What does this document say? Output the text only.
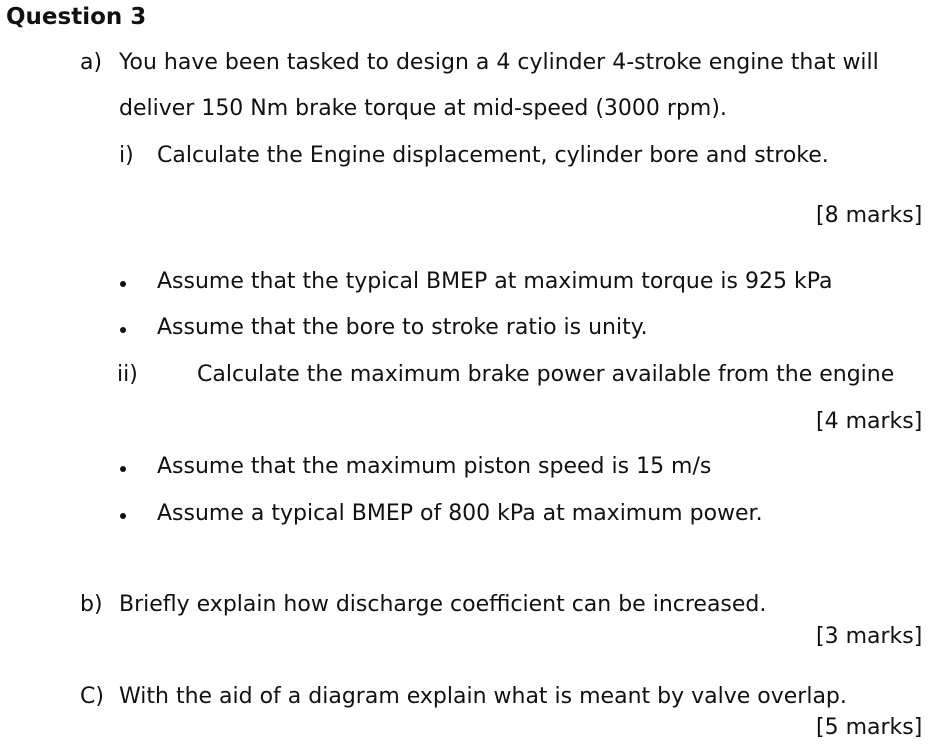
Question 3
a) You have been tasked to design a 4 cylinder 4-stroke engine that will
deliver 150 Nm brake torque at mid-speed (3000 rpm).
i) Calculate the Engine displacement, cylinder bore and stroke.
[8 marks]
Assume that the typical BMEP at maximum torque is 925 kPa
Assume that the bore to stroke ratio is unity.
ii)	Calculate the maximum brake power available from the engine
[4 marks]
Assume that the maximum piston speed is 15 m/s
Assume a typical BMEP of 800 kPa at maximum power.
b) Briefly explain how discharge coefficient can be increased.
[3 marks]
C) With the aid of a diagram explain what is meant by valve overlap.
[5 marks]
